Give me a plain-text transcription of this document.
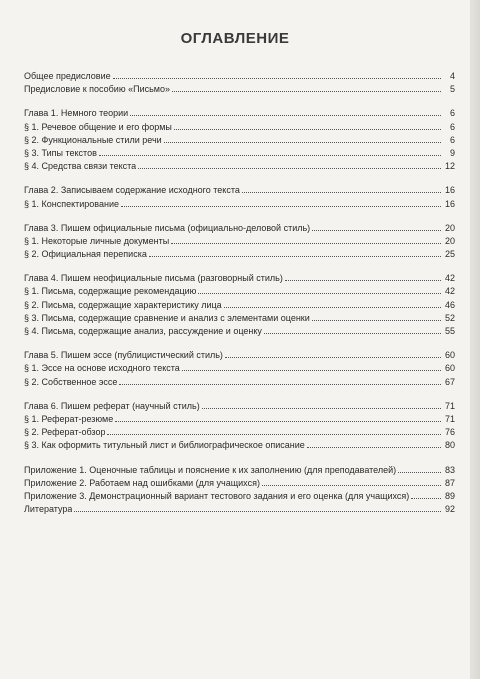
ОГЛАВЛЕНИЕ
Общее предисловие	4
Предисловие к пособию «Письмо»	5
Глава 1. Немного теории	6
§ 1. Речевое общение и его формы	6
§ 2. Функциональные стили речи	6
§ 3. Типы текстов	9
§ 4. Средства связи текста	12
Глава 2. Записываем содержание исходного текста	16
§ 1. Конспектирование	16
Глава 3. Пишем официальные письма (официально-деловой стиль)	20
§ 1. Некоторые личные документы	20
§ 2. Официальная переписка	25
Глава 4. Пишем неофициальные письма (разговорный стиль)	42
§ 1. Письма, содержащие рекомендацию	42
§ 2. Письма, содержащие характеристику лица	46
§ 3. Письма, содержащие сравнение и анализ с элементами оценки	52
§ 4. Письма, содержащие анализ, рассуждение и оценку	55
Глава 5. Пишем эссе (публицистический стиль)	60
§ 1. Эссе на основе исходного текста	60
§ 2. Собственное эссе	67
Глава 6. Пишем реферат (научный стиль)	71
§ 1. Реферат-резюме	71
§ 2. Реферат-обзор	76
§ 3. Как оформить титульный лист и библиографическое описание	80
Приложение 1. Оценочные таблицы и пояснение к их заполнению (для преподавателей)	83
Приложение 2. Работаем над ошибками (для учащихся)	87
Приложение 3. Демонстрационный вариант тестового задания и его оценка (для учащихся)	89
Литература	92
